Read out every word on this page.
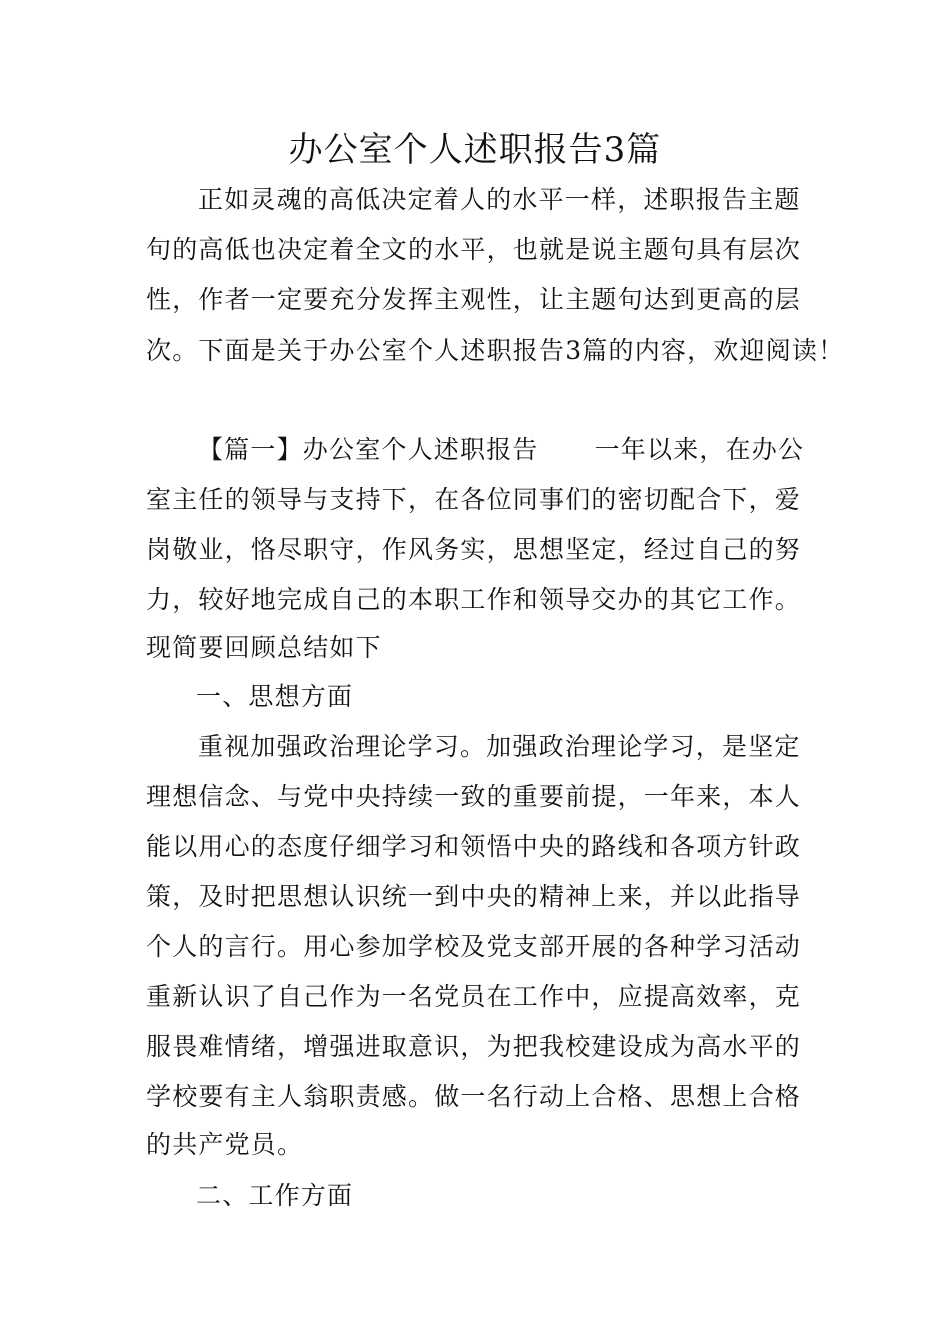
办公室个人述职报告3篇
正如灵魂的高低决定着人的水平一样，述职报告主题
句的高低也决定着全文的水平，也就是说主题句具有层次
性，作者一定要充分发挥主观性，让主题句达到更高的层
次。下面是关于办公室个人述职报告3篇的内容，欢迎阅读！
【篇一】办公室个人述职报告 一年以来，在办公
室主任的领导与支持下，在各位同事们的密切配合下，爱
岗敬业，恪尽职守，作风务实，思想坚定，经过自己的努
力，较好地完成自己的本职工作和领导交办的其它工作。
现简要回顾总结如下
一、思想方面
重视加强政治理论学习。加强政治理论学习，是坚定
理想信念、与党中央持续一致的重要前提，一年来，本人
能以用心的态度仔细学习和领悟中央的路线和各项方针政
策，及时把思想认识统一到中央的精神上来，并以此指导
个人的言行。用心参加学校及党支部开展的各种学习活动
重新认识了自己作为一名党员在工作中，应提高效率，克
服畏难情绪，增强进取意识，为把我校建设成为高水平的
学校要有主人翁职责感。做一名行动上合格、思想上合格
的共产党员。
二、工作方面
